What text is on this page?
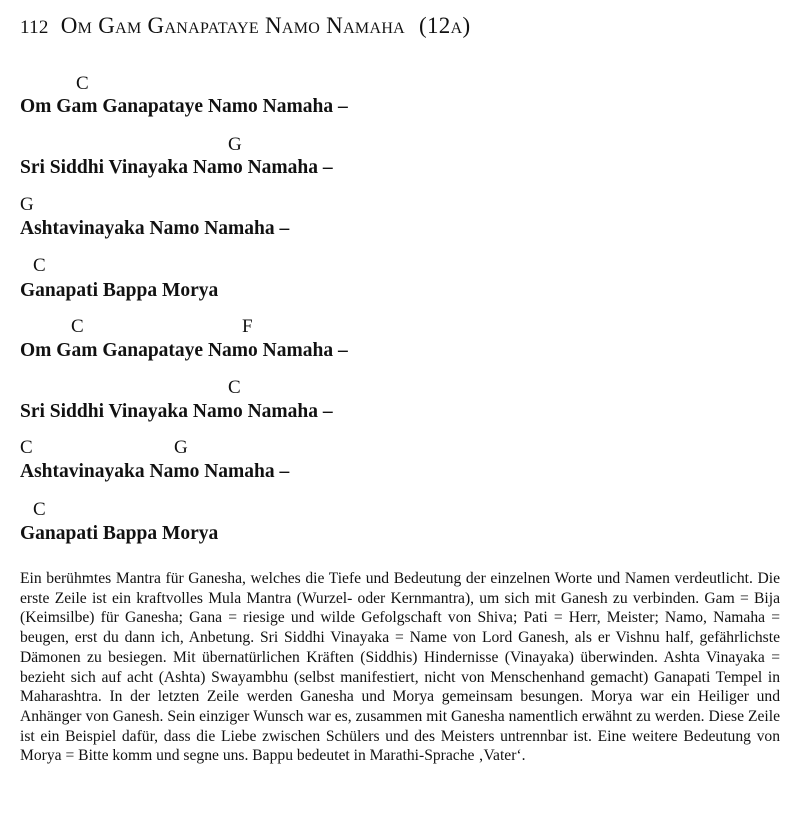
112 Om Gam Ganapataye Namo Namaha (12a)
C
Om Gam Ganapataye Namo Namaha –
G
Sri Siddhi Vinayaka Namo Namaha –
G
Ashtavinayaka Namo Namaha –
C
Ganapati Bappa Morya
C	F
Om Gam Ganapataye Namo Namaha –
C
Sri Siddhi Vinayaka Namo Namaha –
C	G
Ashtavinayaka Namo Namaha –
C
Ganapati Bappa Morya
Ein berühmtes Mantra für Ganesha, welches die Tiefe und Bedeutung der einzelnen Worte und Namen verdeutlicht. Die erste Zeile ist ein kraftvolles Mula Mantra (Wurzel- oder Kernmantra), um sich mit Ganesh zu verbinden. Gam = Bija (Keimsilbe) für Ganesha; Gana = riesige und wilde Gefolgschaft von Shiva; Pati = Herr, Meister; Namo, Namaha = beugen, erst du dann ich, Anbetung. Sri Siddhi Vinayaka = Name von Lord Ganesh, als er Vishnu half, gefährlichste Dämonen zu besiegen. Mit übernatürlichen Kräften (Siddhis) Hindernisse (Vinayaka) überwinden. Ashta Vinayaka = bezieht sich auf acht (Ashta) Swayambhu (selbst manifestiert, nicht von Menschenhand gemacht) Ganapati Tempel in Maharashtra. In der letzten Zeile werden Ganesha und Morya gemeinsam besungen. Morya war ein Heiliger und Anhänger von Ganesh. Sein einziger Wunsch war es, zusammen mit Ganesha namentlich erwähnt zu werden. Diese Zeile ist ein Beispiel dafür, dass die Liebe zwischen Schülers und des Meisters untrennbar ist. Eine weitere Bedeutung von Morya = Bitte komm und segne uns. Bappu bedeutet in Marathi-Sprache ‚Vater‘.
